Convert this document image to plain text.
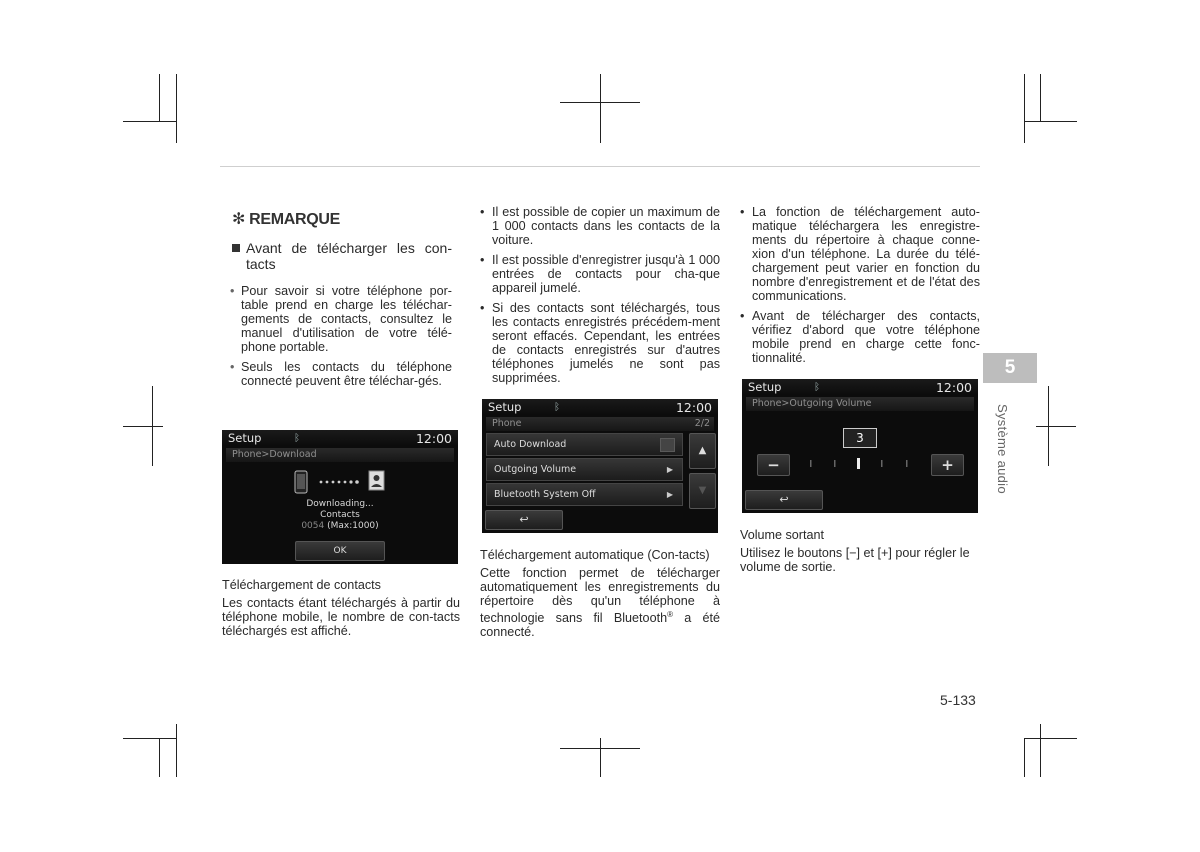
✻ REMARQUE
Avant de télécharger les con-tacts
• Pour savoir si votre téléphone por-table prend en charge les téléchar-gements de contacts, consultez le manuel d'utilisation de votre télé-phone portable.
• Seuls les contacts du téléphone connecté peuvent être téléchar-gés.
Setup	ᛒ	12:00
Phone>Download
Downloading...
Contacts
0054 (Max:1000)
OK
Téléchargement de contacts
Les contacts étant téléchargés à partir du téléphone mobile, le nombre de con-tacts téléchargés est affiché.
• Il est possible de copier un maximum de 1 000 contacts dans les contacts de la voiture.
• Il est possible d'enregistrer jusqu'à 1 000 entrées de contacts pour cha-que appareil jumelé.
• Si des contacts sont téléchargés, tous les contacts enregistrés précédem-ment seront effacés. Cependant, les entrées de contacts enregistrés sur d'autres téléphones jumelés ne sont pas supprimées.
Setup	ᛒ	12:00
Phone	2/2
Auto Download
Outgoing Volume	▶
Bluetooth System Off	▶
▲
▼
↩
Téléchargement automatique (Con-tacts)
Cette fonction permet de télécharger automatiquement les enregistrements du répertoire dès qu'un téléphone à technologie sans fil Bluetooth® a été connecté.
• La fonction de téléchargement auto-matique téléchargera les enregistre-ments du répertoire à chaque conne-xion d'un téléphone. La durée du télé-chargement peut varier en fonction du nombre d'enregistrement et de l'état des communications.
• Avant de télécharger des contacts, vérifiez d'abord que votre téléphone mobile prend en charge cette fonc-tionnalité.
Setup	ᛒ	12:00
Phone>Outgoing Volume
3
−	+
↩
Volume sortant
Utilisez le boutons [−] et [+] pour régler le volume de sortie.
5
Système audio
5-133
